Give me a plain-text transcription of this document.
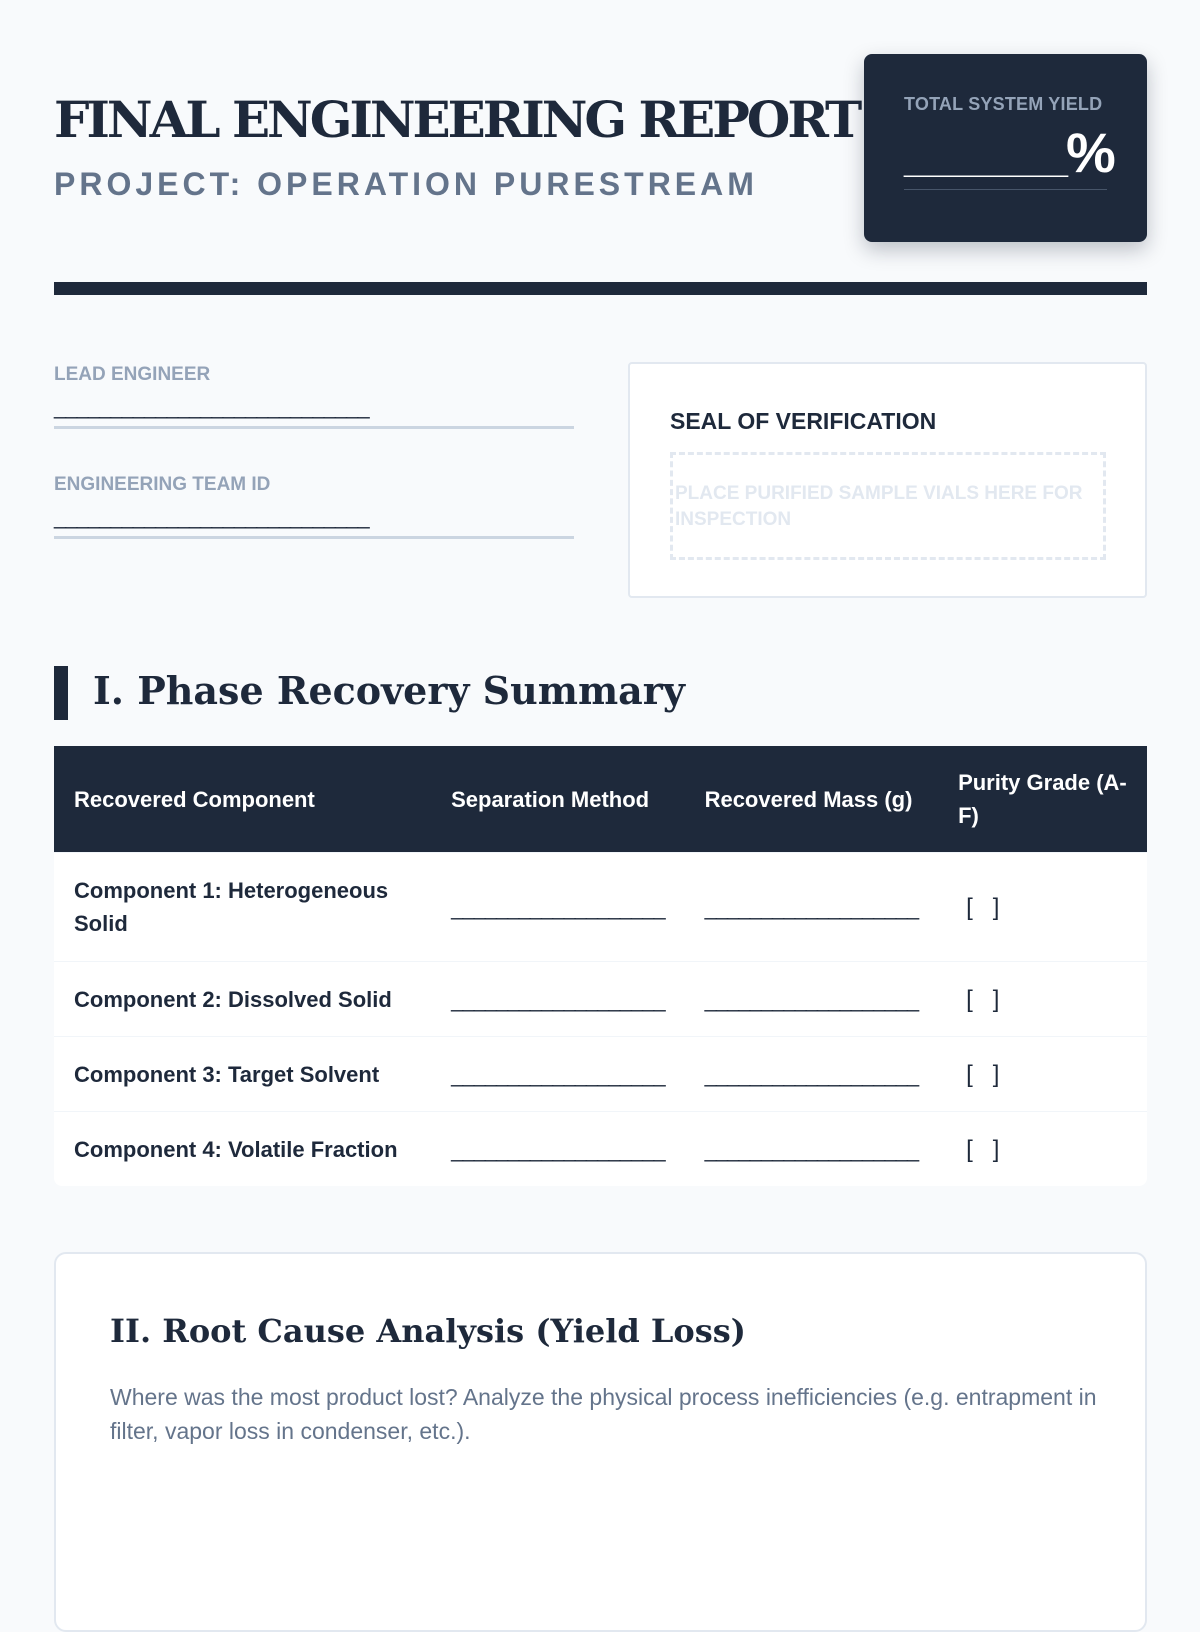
FINAL ENGINEERING REPORT
PROJECT: OPERATION PURESTREAM
TOTAL SYSTEM YIELD
________%
LEAD ENGINEER
____________________________
ENGINEERING TEAM ID
____________________________
SEAL OF VERIFICATION
PLACE PURIFIED SAMPLE VIALS HERE FOR INSPECTION
I. Phase Recovery Summary
Recovered Component	Separation Method	Recovered Mass (g)	Purity Grade (A-F)
Component 1: Heterogeneous Solid	___________________	___________________	[   ]
Component 2: Dissolved Solid	___________________	___________________	[   ]
Component 3: Target Solvent	___________________	___________________	[   ]
Component 4: Volatile Fraction	___________________	___________________	[   ]
II. Root Cause Analysis (Yield Loss)

Where was the most product lost? Analyze the physical process inefficiencies (e.g. entrapment in filter, vapor loss in condenser, etc.).
